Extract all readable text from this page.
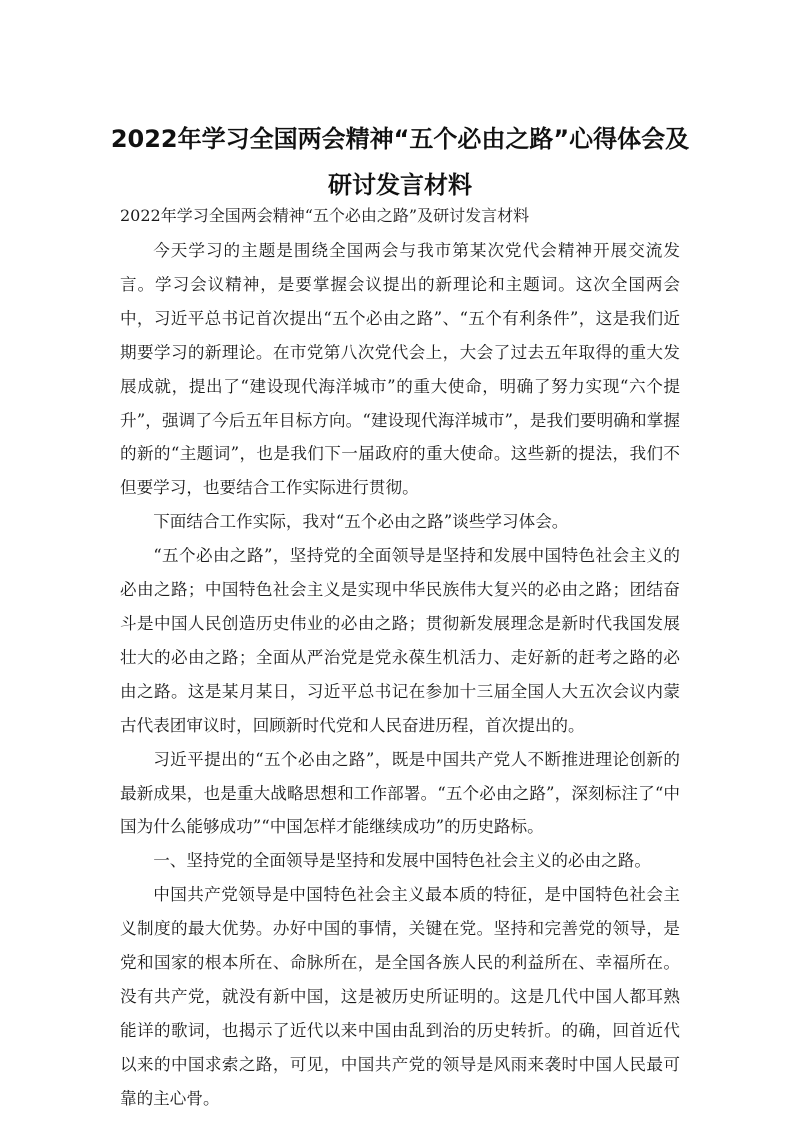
2022年学习全国两会精神“五个必由之路”心得体会及研讨发言材料

2022年学习全国两会精神“五个必由之路”及研讨发言材料

今天学习的主题是围绕全国两会与我市第某次党代会精神开展交流发言。学习会议精神，是要掌握会议提出的新理论和主题词。这次全国两会中，习近平总书记首次提出“五个必由之路”、“五个有利条件”，这是我们近期要学习的新理论。在市党第八次党代会上，大会了过去五年取得的重大发展成就，提出了“建设现代海洋城市”的重大使命，明确了努力实现“六个提升”，强调了今后五年目标方向。“建设现代海洋城市”，是我们要明确和掌握的新的“主题词”，也是我们下一届政府的重大使命。这些新的提法，我们不但要学习，也要结合工作实际进行贯彻。

下面结合工作实际，我对“五个必由之路”谈些学习体会。

“五个必由之路”，坚持党的全面领导是坚持和发展中国特色社会主义的必由之路；中国特色社会主义是实现中华民族伟大复兴的必由之路；团结奋斗是中国人民创造历史伟业的必由之路；贯彻新发展理念是新时代我国发展壮大的必由之路；全面从严治党是党永葆生机活力、走好新的赶考之路的必由之路。这是某月某日，习近平总书记在参加十三届全国人大五次会议内蒙古代表团审议时，回顾新时代党和人民奋进历程，首次提出的。

习近平提出的“五个必由之路”，既是中国共产党人不断推进理论创新的最新成果，也是重大战略思想和工作部署。“五个必由之路”，深刻标注了“中国为什么能够成功”“中国怎样才能继续成功”的历史路标。

一、坚持党的全面领导是坚持和发展中国特色社会主义的必由之路。

中国共产党领导是中国特色社会主义最本质的特征，是中国特色社会主义制度的最大优势。办好中国的事情，关键在党。坚持和完善党的领导，是党和国家的根本所在、命脉所在，是全国各族人民的利益所在、幸福所在。没有共产党，就没有新中国，这是被历史所证明的。这是几代中国人都耳熟能详的歌词，也揭示了近代以来中国由乱到治的历史转折。的确，回首近代以来的中国求索之路，可见，中国共产党的领导是风雨来袭时中国人民最可靠的主心骨。
